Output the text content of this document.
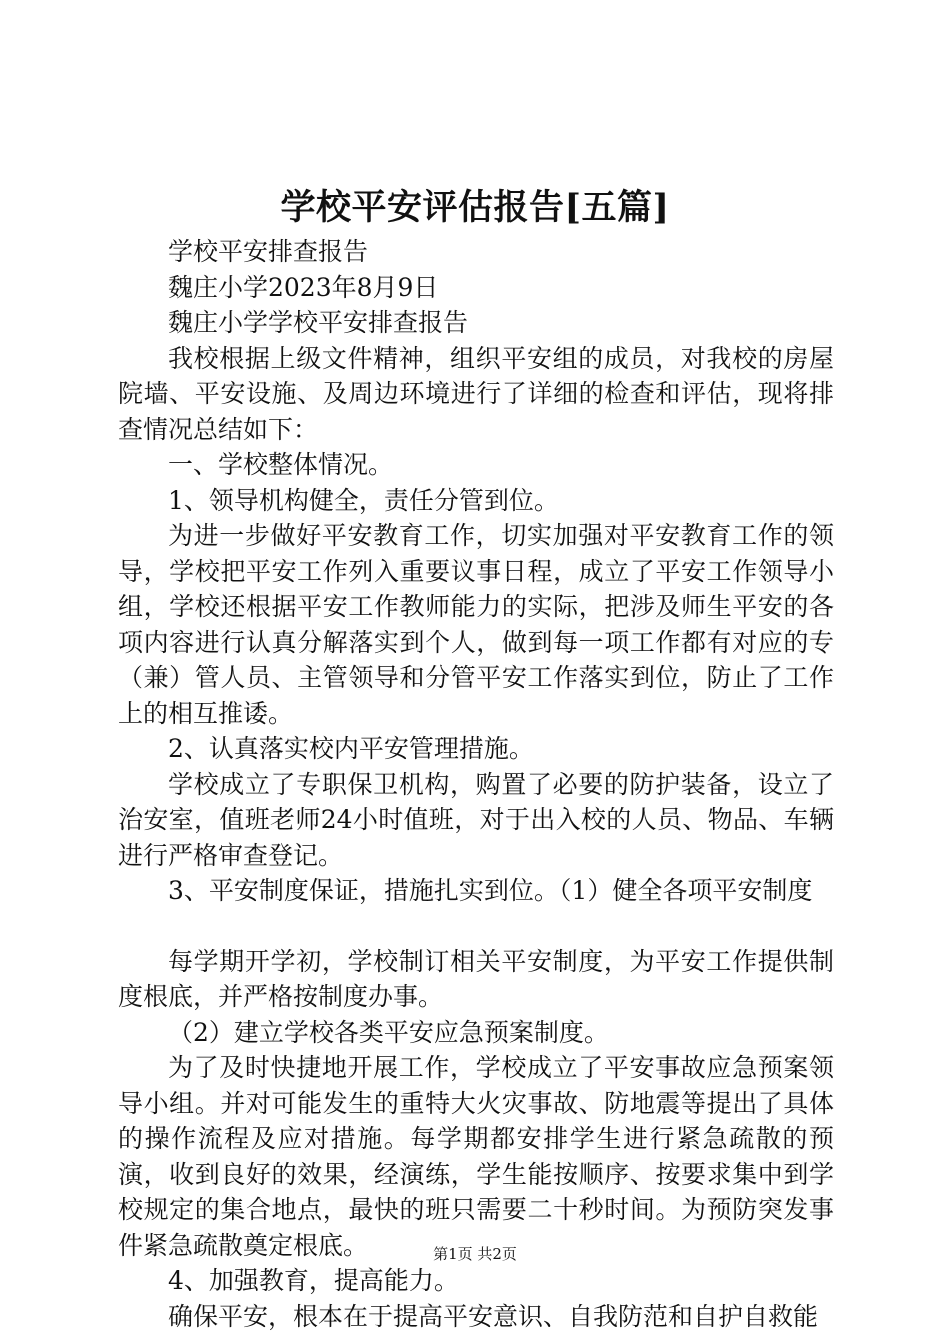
学校平安评估报告[五篇]

学校平安排查报告

魏庄小学2023年8月9日

魏庄小学学校平安排查报告

我校根据上级文件精神，组织平安组的成员，对我校的房屋院墙、平安设施、及周边环境进行了详细的检查和评估，现将排查情况总结如下：

一、学校整体情况。

1、领导机构健全，责任分管到位。

为进一步做好平安教育工作，切实加强对平安教育工作的领导，学校把平安工作列入重要议事日程，成立了平安工作领导小组，学校还根据平安工作教师能力的实际，把涉及师生平安的各项内容进行认真分解落实到个人，做到每一项工作都有对应的专（兼）管人员、主管领导和分管平安工作落实到位，防止了工作上的相互推诿。

2、认真落实校内平安管理措施。

学校成立了专职保卫机构，购置了必要的防护装备，设立了治安室，值班老师24小时值班，对于出入校的人员、物品、车辆进行严格审查登记。

3、平安制度保证，措施扎实到位。（1）健全各项平安制度

每学期开学初，学校制订相关平安制度，为平安工作提供制度根底，并严格按制度办事。

（2）建立学校各类平安应急预案制度。

为了及时快捷地开展工作，学校成立了平安事故应急预案领导小组。并对可能发生的重特大火灾事故、防地震等提出了具体的操作流程及应对措施。每学期都安排学生进行紧急疏散的预演，收到良好的效果，经演练，学生能按顺序、按要求集中到学校规定的集合地点，最快的班只需要二十秒时间。为预防突发事件紧急疏散奠定根底。

4、加强教育，提高能力。

确保平安，根本在于提高平安意识、自我防范和自护自救能

第1页 共2页
